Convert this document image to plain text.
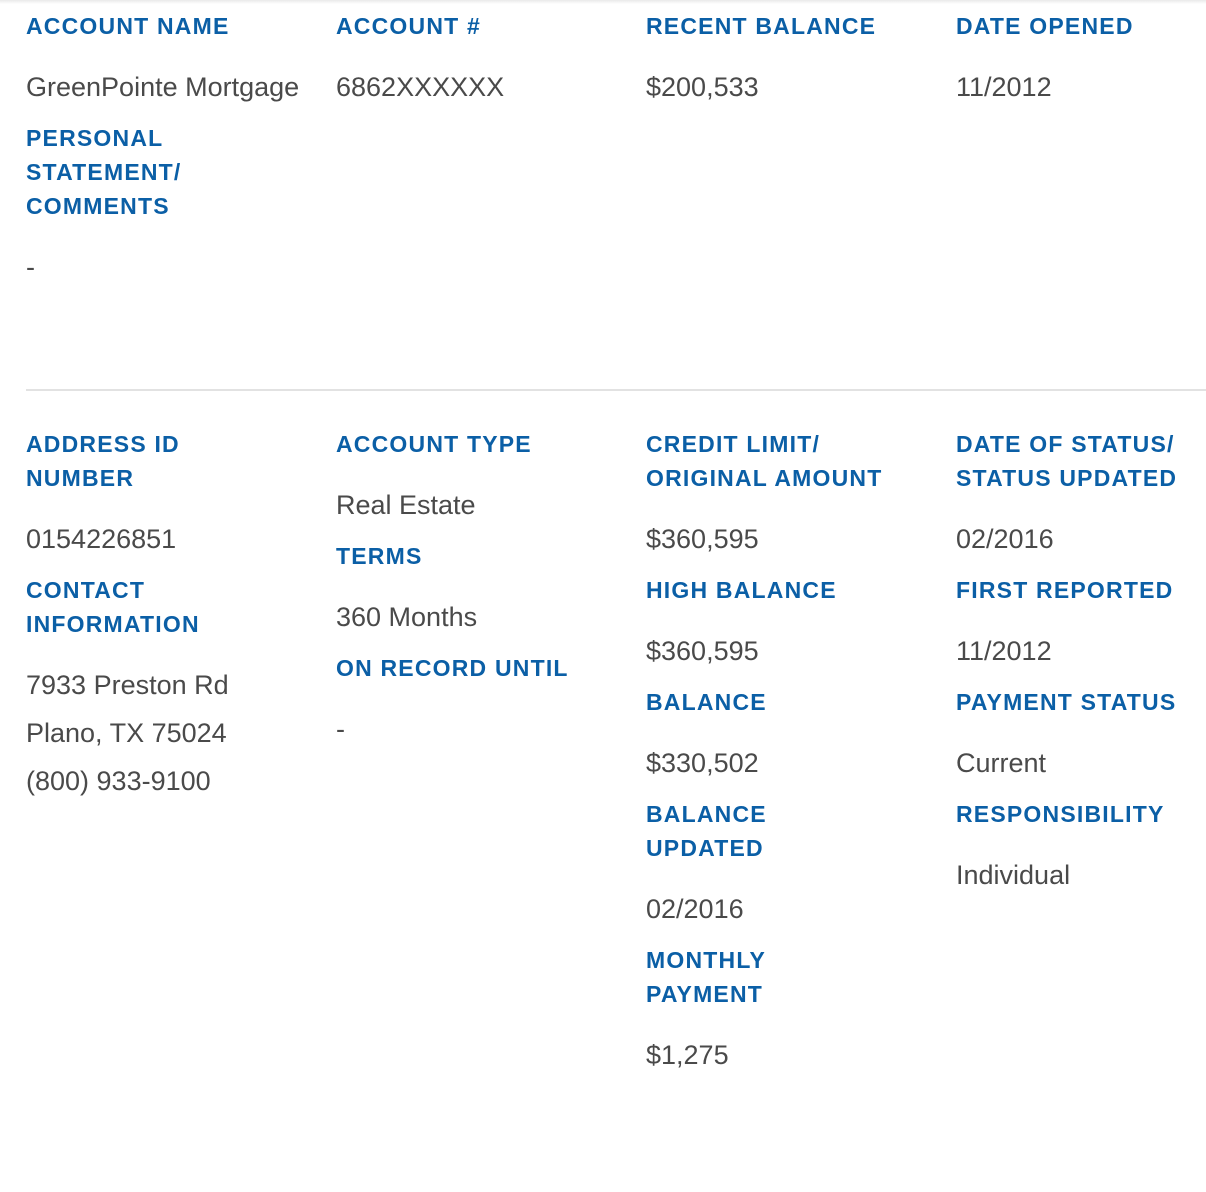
ACCOUNT NAME

GreenPointe Mortgage

PERSONAL
STATEMENT/
COMMENTS

-

ACCOUNT #

6862XXXXXX

RECENT BALANCE

$200,533

DATE OPENED

11/2012

ADDRESS ID
NUMBER

0154226851

CONTACT
INFORMATION

7933 Preston Rd

Plano, TX 75024

(800) 933-9100

ACCOUNT TYPE

Real Estate

TERMS

360 Months

ON RECORD UNTIL

-

CREDIT LIMIT/
ORIGINAL AMOUNT

$360,595

HIGH BALANCE

$360,595

BALANCE

$330,502

BALANCE
UPDATED

02/2016

MONTHLY
PAYMENT

$1,275

DATE OF STATUS/
STATUS UPDATED

02/2016

FIRST REPORTED

11/2012

PAYMENT STATUS

Current

RESPONSIBILITY

Individual
